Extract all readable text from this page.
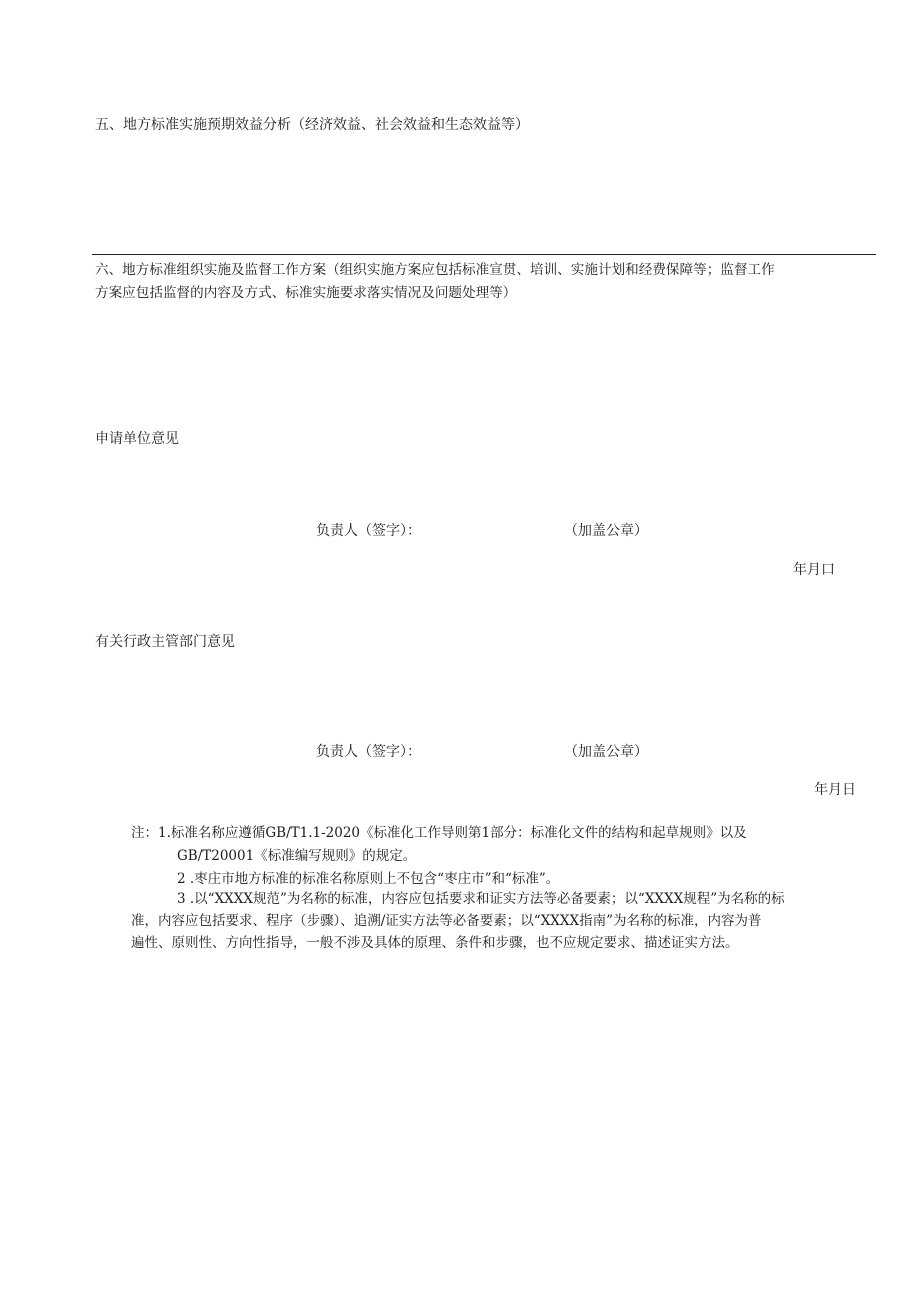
五、地方标准实施预期效益分析（经济效益、社会效益和生态效益等）
六、地方标准组织实施及监督工作方案（组织实施方案应包括标准宣贯、培训、实施计划和经费保障等；监督工作
方案应包括监督的内容及方式、标准实施要求落实情况及问题处理等）
申请单位意见
负责人（签字）：	（加盖公章）
年月口
有关行政主管部门意见
负责人（签字）：	（加盖公章）
年月日
注：1.标准名称应遵循GB/T1.1-2020《标准化工作导则第1部分：标准化文件的结构和起草规则》以及
GB/T20001《标准编写规则》的规定。
2 .枣庄市地方标准的标准名称原则上不包含“枣庄市”和“标准”。
3 .以“XXXX规范”为名称的标准，内容应包括要求和证实方法等必备要素；以“XXXX规程”为名称的标
准，内容应包括要求、程序（步骤）、追溯/证实方法等必备要素；以“XXXX指南”为名称的标准，内容为普
遍性、原则性、方向性指导，一般不涉及具体的原理、条件和步骤，也不应规定要求、描述证实方法。
